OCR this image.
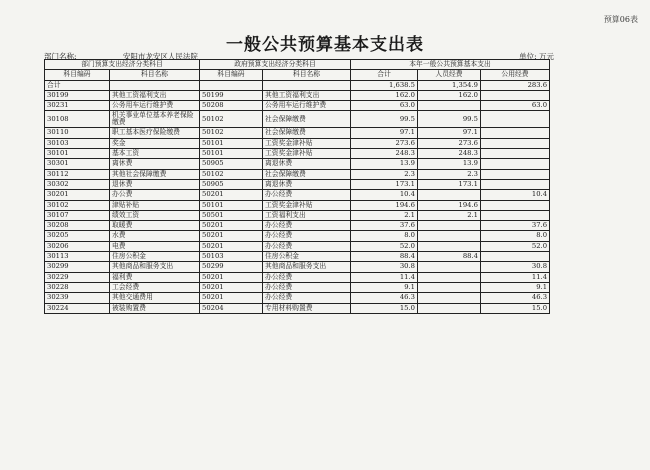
预算06表
一般公共预算基本支出表
部门名称:	安阳市龙安区人民法院	单位: 万元
部门预算支出经济分类科目		政府预算支出经济分类科目		本年一般公共预算基本支出		
科目编码	科目名称	科目编码	科目名称	合计	人员经费	公用经费
合计				1,638.5	1,354.9	283.6
30199	其他工资福利支出	50199	其他工资福利支出	162.0	162.0	
30231	公务用车运行维护费	50208	公务用车运行维护费	63.0		63.0
30108	机关事业单位基本养老保险缴费	50102	社会保障缴费	99.5	99.5	
30110	职工基本医疗保险缴费	50102	社会保障缴费	97.1	97.1	
30103	奖金	50101	工资奖金津补贴	273.6	273.6	
30101	基本工资	50101	工资奖金津补贴	248.3	248.3	
30301	离休费	50905	离退休费	13.9	13.9	
30112	其他社会保障缴费	50102	社会保障缴费	2.3	2.3	
30302	退休费	50905	离退休费	173.1	173.1	
30201	办公费	50201	办公经费	10.4		10.4
30102	津贴补贴	50101	工资奖金津补贴	194.6	194.6	
30107	绩效工资	50501	工资福利支出	2.1	2.1	
30208	取暖费	50201	办公经费	37.6		37.6
30205	水费	50201	办公经费	8.0		8.0
30206	电费	50201	办公经费	52.0		52.0
30113	住房公积金	50103	住房公积金	88.4	88.4	
30299	其他商品和服务支出	50299	其他商品和服务支出	30.8		30.8
30229	福利费	50201	办公经费	11.4		11.4
30228	工会经费	50201	办公经费	9.1		9.1
30239	其他交通费用	50201	办公经费	46.3		46.3
30224	被装购置费	50204	专用材料购置费	15.0		15.0
